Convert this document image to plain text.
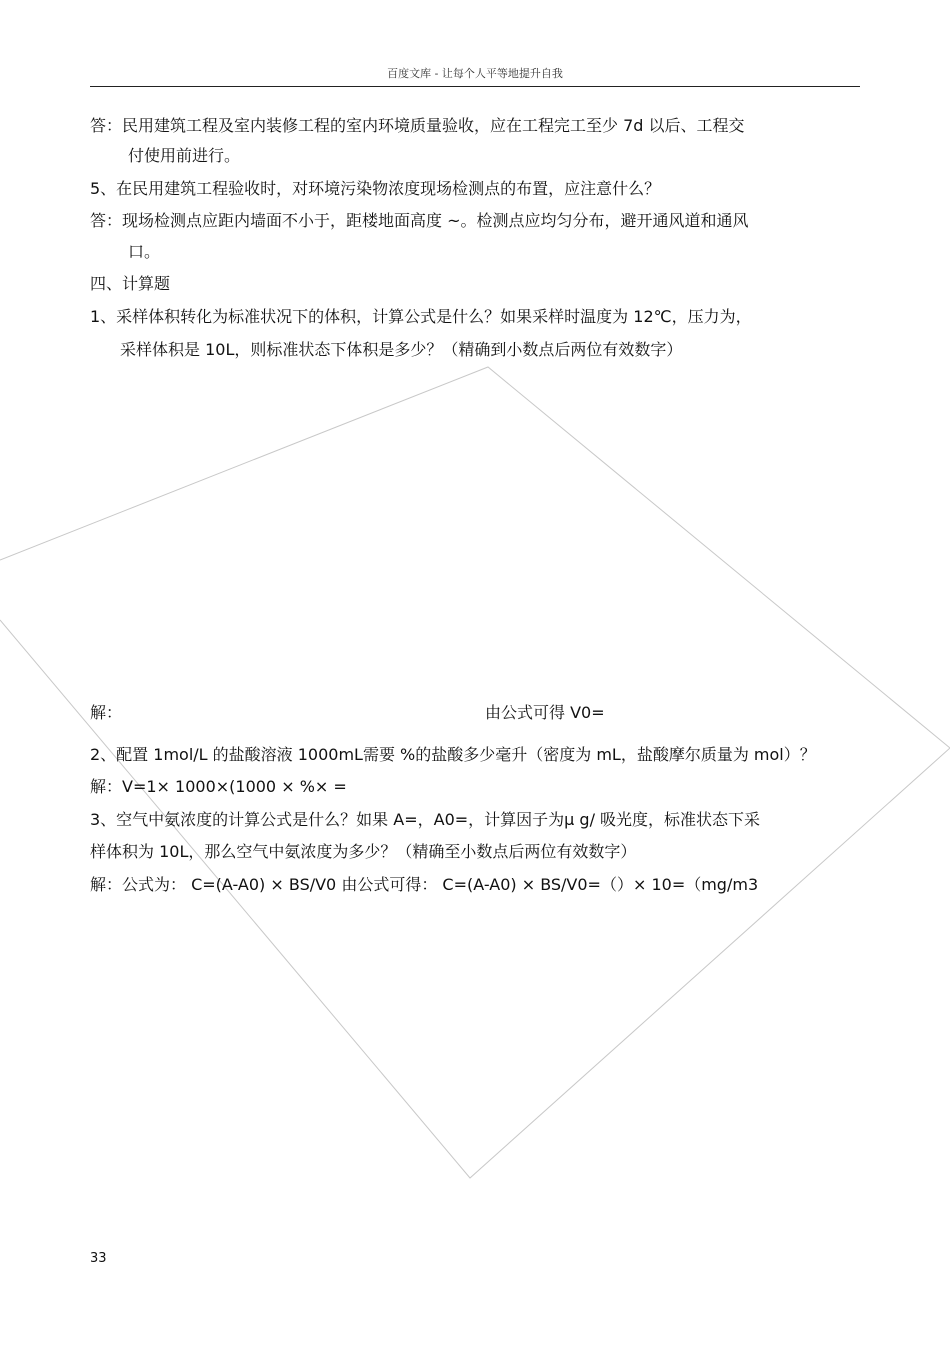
百度文库 - 让每个人平等地提升自我
答：民用建筑工程及室内装修工程的室内环境质量验收，应在工程完工至少 7d 以后、工程交
付使用前进行。
5、在民用建筑工程验收时，对环境污染物浓度现场检测点的布置，应注意什么？
答：现场检测点应距内墙面不小于，距楼地面高度 ~。检测点应均匀分布，避开通风道和通风
口。
四、计算题
1、采样体积转化为标准状况下的体积，计算公式是什么？如果采样时温度为 12℃，压力为，
采样体积是 10L，则标准状态下体积是多少？（精确到小数点后两位有效数字）
解：	由公式可得 V0=
2、配置 1mol/L 的盐酸溶液 1000mL需要 %的盐酸多少毫升（密度为 mL，盐酸摩尔质量为 mol）？
解：V=1× 1000×(1000 × %× =
3、空气中氨浓度的计算公式是什么？如果 A=，A0=，计算因子为μ g/ 吸光度，标准状态下采
样体积为 10L，那么空气中氨浓度为多少？（精确至小数点后两位有效数字）
解：公式为： C=(A-A0) × BS/V0 由公式可得： C=(A-A0) × BS/V0=（）× 10=（mg/m3
33
